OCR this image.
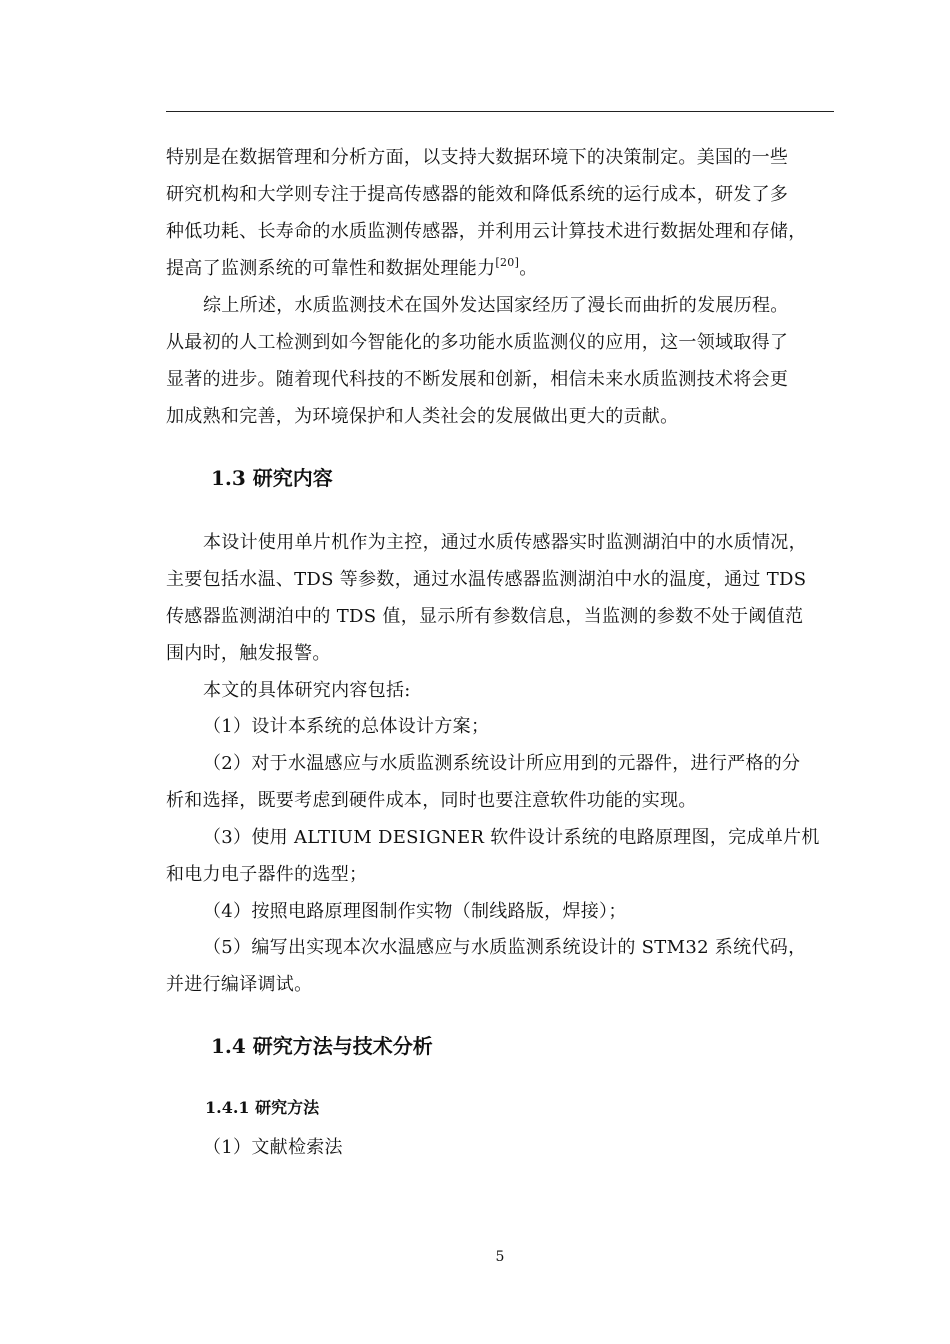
特别是在数据管理和分析方面，以支持大数据环境下的决策制定。美国的一些
研究机构和大学则专注于提高传感器的能效和降低系统的运行成本，研发了多
种低功耗、长寿命的水质监测传感器，并利用云计算技术进行数据处理和存储，
提高了监测系统的可靠性和数据处理能力[20]。
综上所述，水质监测技术在国外发达国家经历了漫长而曲折的发展历程。
从最初的人工检测到如今智能化的多功能水质监测仪的应用，这一领域取得了
显著的进步。随着现代科技的不断发展和创新，相信未来水质监测技术将会更
加成熟和完善，为环境保护和人类社会的发展做出更大的贡献。
1.3 研究内容
本设计使用单片机作为主控，通过水质传感器实时监测湖泊中的水质情况，
主要包括水温、TDS 等参数，通过水温传感器监测湖泊中水的温度，通过 TDS
传感器监测湖泊中的 TDS 值，显示所有参数信息，当监测的参数不处于阈值范
围内时，触发报警。
本文的具体研究内容包括:
（1）设计本系统的总体设计方案；
（2）对于水温感应与水质监测系统设计所应用到的元器件，进行严格的分
析和选择，既要考虑到硬件成本，同时也要注意软件功能的实现。
（3）使用 ALTIUM DESIGNER 软件设计系统的电路原理图，完成单片机
和电力电子器件的选型；
（4）按照电路原理图制作实物（制线路版，焊接）；
（5）编写出实现本次水温感应与水质监测系统设计的 STM32 系统代码，
并进行编译调试。
1.4 研究方法与技术分析
1.4.1 研究方法
（1）文献检索法
5
